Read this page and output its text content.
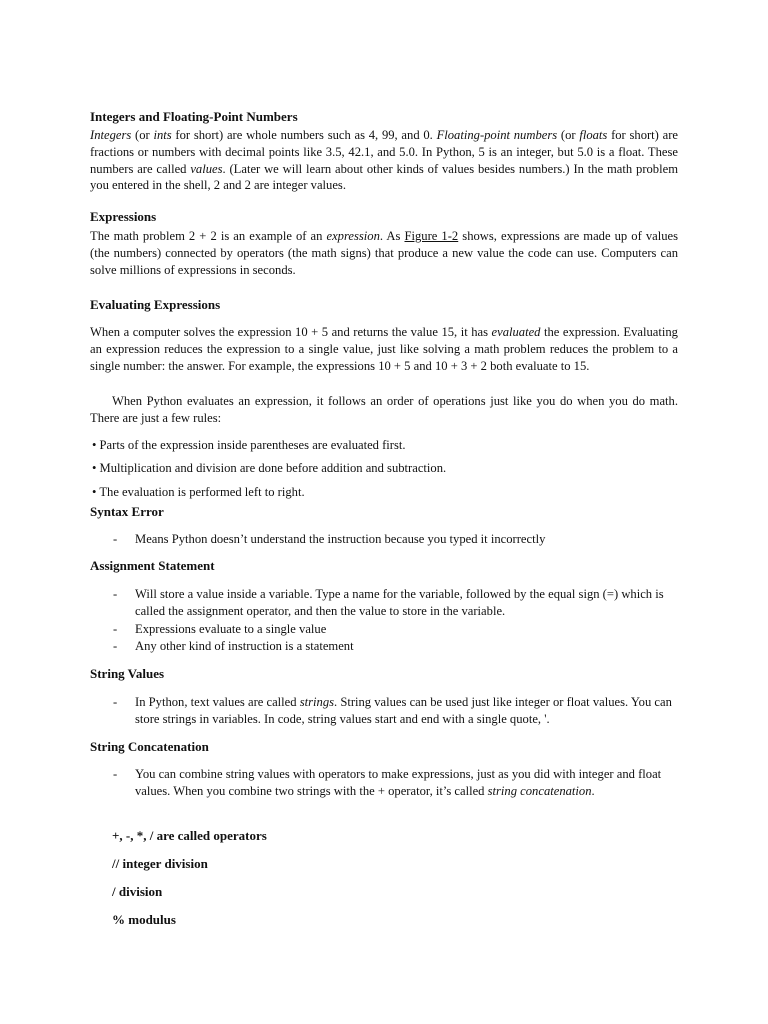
Integers and Floating-Point Numbers
Integers (or ints for short) are whole numbers such as 4, 99, and 0. Floating-point numbers (or floats for short) are fractions or numbers with decimal points like 3.5, 42.1, and 5.0. In Python, 5 is an integer, but 5.0 is a float. These numbers are called values. (Later we will learn about other kinds of values besides numbers.) In the math problem you entered in the shell, 2 and 2 are integer values.
Expressions
The math problem 2 + 2 is an example of an expression. As Figure 1-2 shows, expressions are made up of values (the numbers) connected by operators (the math signs) that produce a new value the code can use. Computers can solve millions of expressions in seconds.
Evaluating Expressions
When a computer solves the expression 10 + 5 and returns the value 15, it has evaluated the expression. Evaluating an expression reduces the expression to a single value, just like solving a math problem reduces the problem to a single number: the answer. For example, the expressions 10 + 5 and 10 + 3 + 2 both evaluate to 15.
When Python evaluates an expression, it follows an order of operations just like you do when you do math. There are just a few rules:
• Parts of the expression inside parentheses are evaluated first.
• Multiplication and division are done before addition and subtraction.
• The evaluation is performed left to right.
Syntax Error
- Means Python doesn’t understand the instruction because you typed it incorrectly
Assignment Statement
- Will store a value inside a variable. Type a name for the variable, followed by the equal sign (=) which is called the assignment operator, and then the value to store in the variable.
- Expressions evaluate to a single value
- Any other kind of instruction is a statement
String Values
- In Python, text values are called strings. String values can be used just like integer or float values. You can store strings in variables. In code, string values start and end with a single quote, '.
String Concatenation
- You can combine string values with operators to make expressions, just as you did with integer and float values. When you combine two strings with the + operator, it’s called string concatenation.
+, -, *, / are called operators
// integer division
/ division
% modulus
